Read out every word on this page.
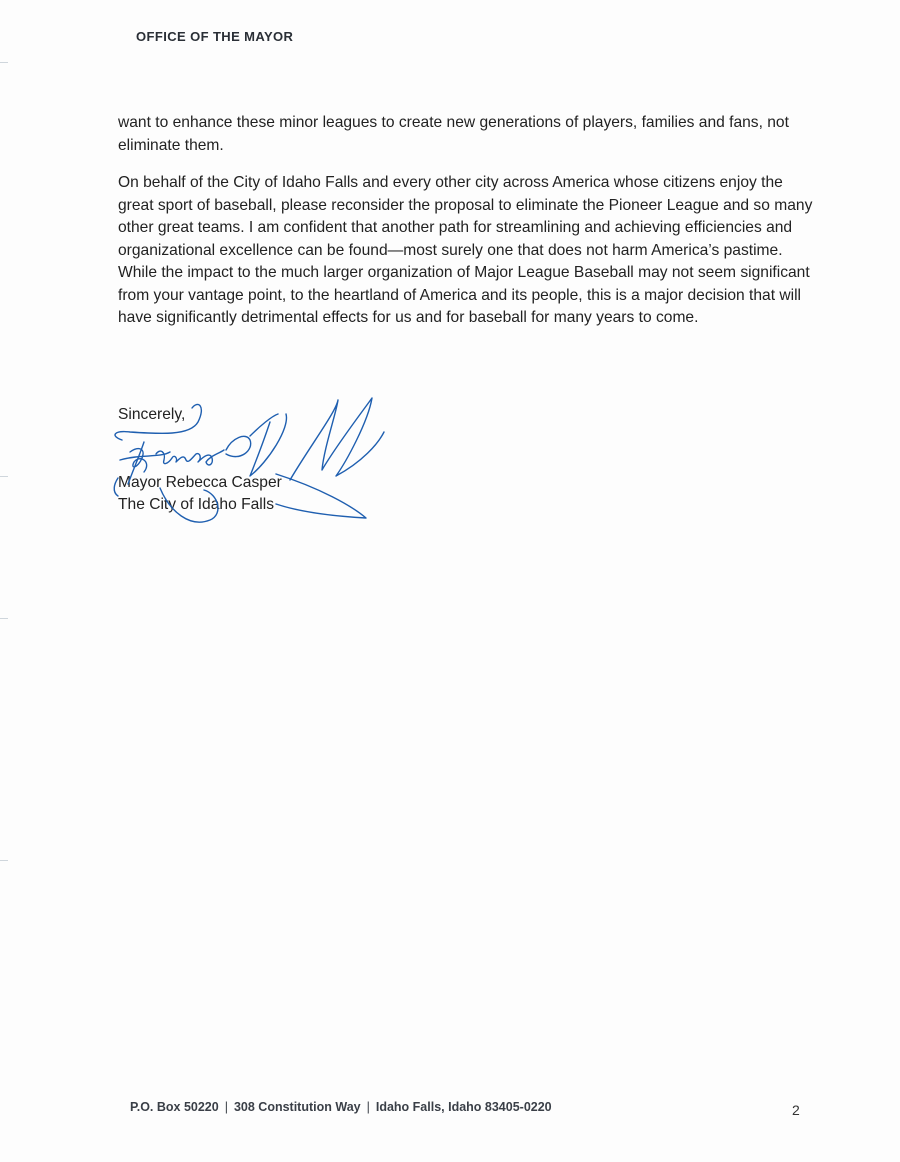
OFFICE OF THE MAYOR

want to enhance these minor leagues to create new generations of players, families and fans, not eliminate them.

On behalf of the City of Idaho Falls and every other city across America whose citizens enjoy the great sport of baseball, please reconsider the proposal to eliminate the Pioneer League and so many other great teams. I am confident that another path for streamlining and achieving efficiencies and organizational excellence can be found—most surely one that does not harm America’s pastime. While the impact to the much larger organization of Major League Baseball may not seem significant from your vantage point, to the heartland of America and its people, this is a major decision that will have significantly detrimental effects for us and for baseball for many years to come.

Sincerely,
Mayor Rebecca Casper
The City of Idaho Falls
P.O. Box 50220 | 308 Constitution Way | Idaho Falls, Idaho 83405-0220	2
